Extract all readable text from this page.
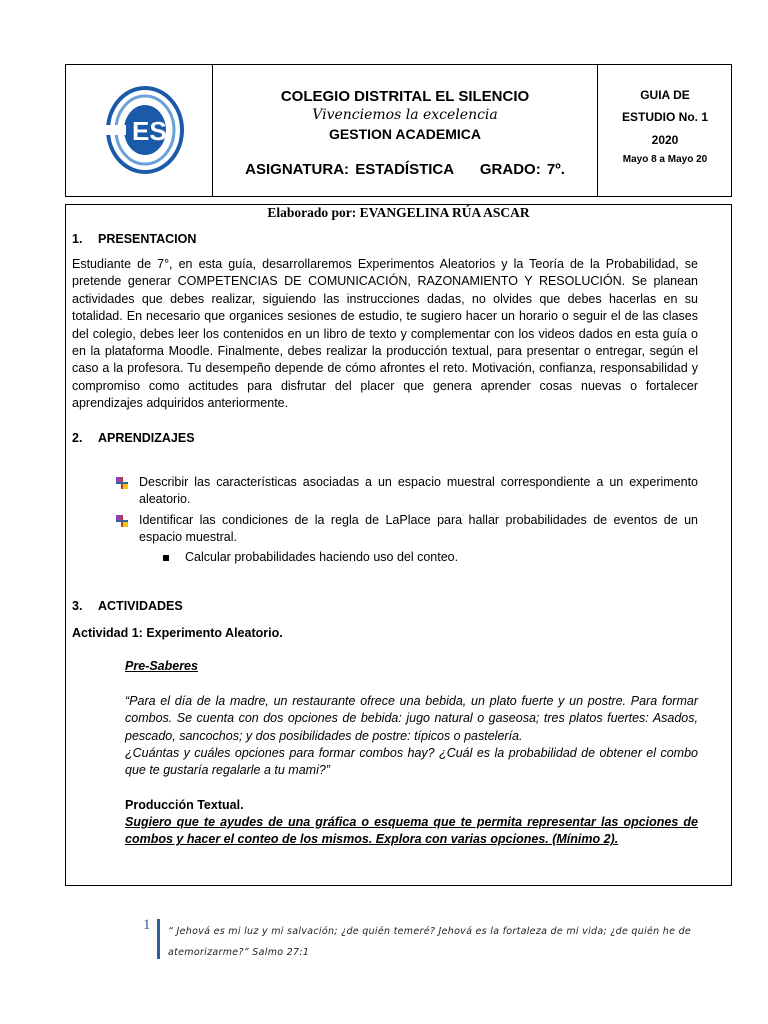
ES
COLEGIO DISTRITAL EL SILENCIO
Vivenciemos la excelencia
GESTION ACADEMICA
ASIGNATURA: ESTADÍSTICA GRADO: 7º.
GUIA DE
ESTUDIO No. 1
2020
Mayo 8 a Mayo 20
Elaborado por: EVANGELINA RÚA ASCAR
1. PRESENTACION
Estudiante de 7°, en esta guía, desarrollaremos Experimentos Aleatorios y la Teoría de la Probabilidad, se pretende generar COMPETENCIAS DE COMUNICACIÓN, RAZONAMIENTO Y RESOLUCIÓN. Se planean actividades que debes realizar, siguiendo las instrucciones dadas, no olvides que debes hacerlas en su totalidad. En necesario que organices sesiones de estudio, te sugiero hacer un horario o seguir el de las clases del colegio, debes leer los contenidos en un libro de texto y complementar con los videos dados en esta guía o en la plataforma Moodle. Finalmente, debes realizar la producción textual, para presentar o entregar, según el caso a la profesora. Tu desempeño depende de cómo afrontes el reto. Motivación, confianza, responsabilidad y compromiso como actitudes para disfrutar del placer que genera aprender cosas nuevas o fortalecer aprendizajes adquiridos anteriormente.
2. APRENDIZAJES
Describir las características asociadas a un espacio muestral correspondiente a un experimento aleatorio.
Identificar las condiciones de la regla de LaPlace para hallar probabilidades de eventos de un espacio muestral.
Calcular probabilidades haciendo uso del conteo.
3. ACTIVIDADES
Actividad 1: Experimento Aleatorio.
Pre-Saberes
“Para el día de la madre, un restaurante ofrece una bebida, un plato fuerte y un postre. Para formar combos. Se cuenta con dos opciones de bebida: jugo natural o gaseosa; tres platos fuertes: Asados, pescado, sancochos; y dos posibilidades de postre: típicos o pastelería.
¿Cuántas y cuáles opciones para formar combos hay? ¿Cuál es la probabilidad de obtener el combo que te gustaría regalarle a tu mami?”
Producción Textual.
Sugiero que te ayudes de una gráfica o esquema que te permita representar las opciones de combos y hacer el conteo de los mismos. Explora con varias opciones. (Mínimo 2).
1 “ Jehová es mi luz y mi salvación; ¿de quién temeré? Jehová es la fortaleza de mi vida; ¿de quién he de atemorizarme?” Salmo 27:1
